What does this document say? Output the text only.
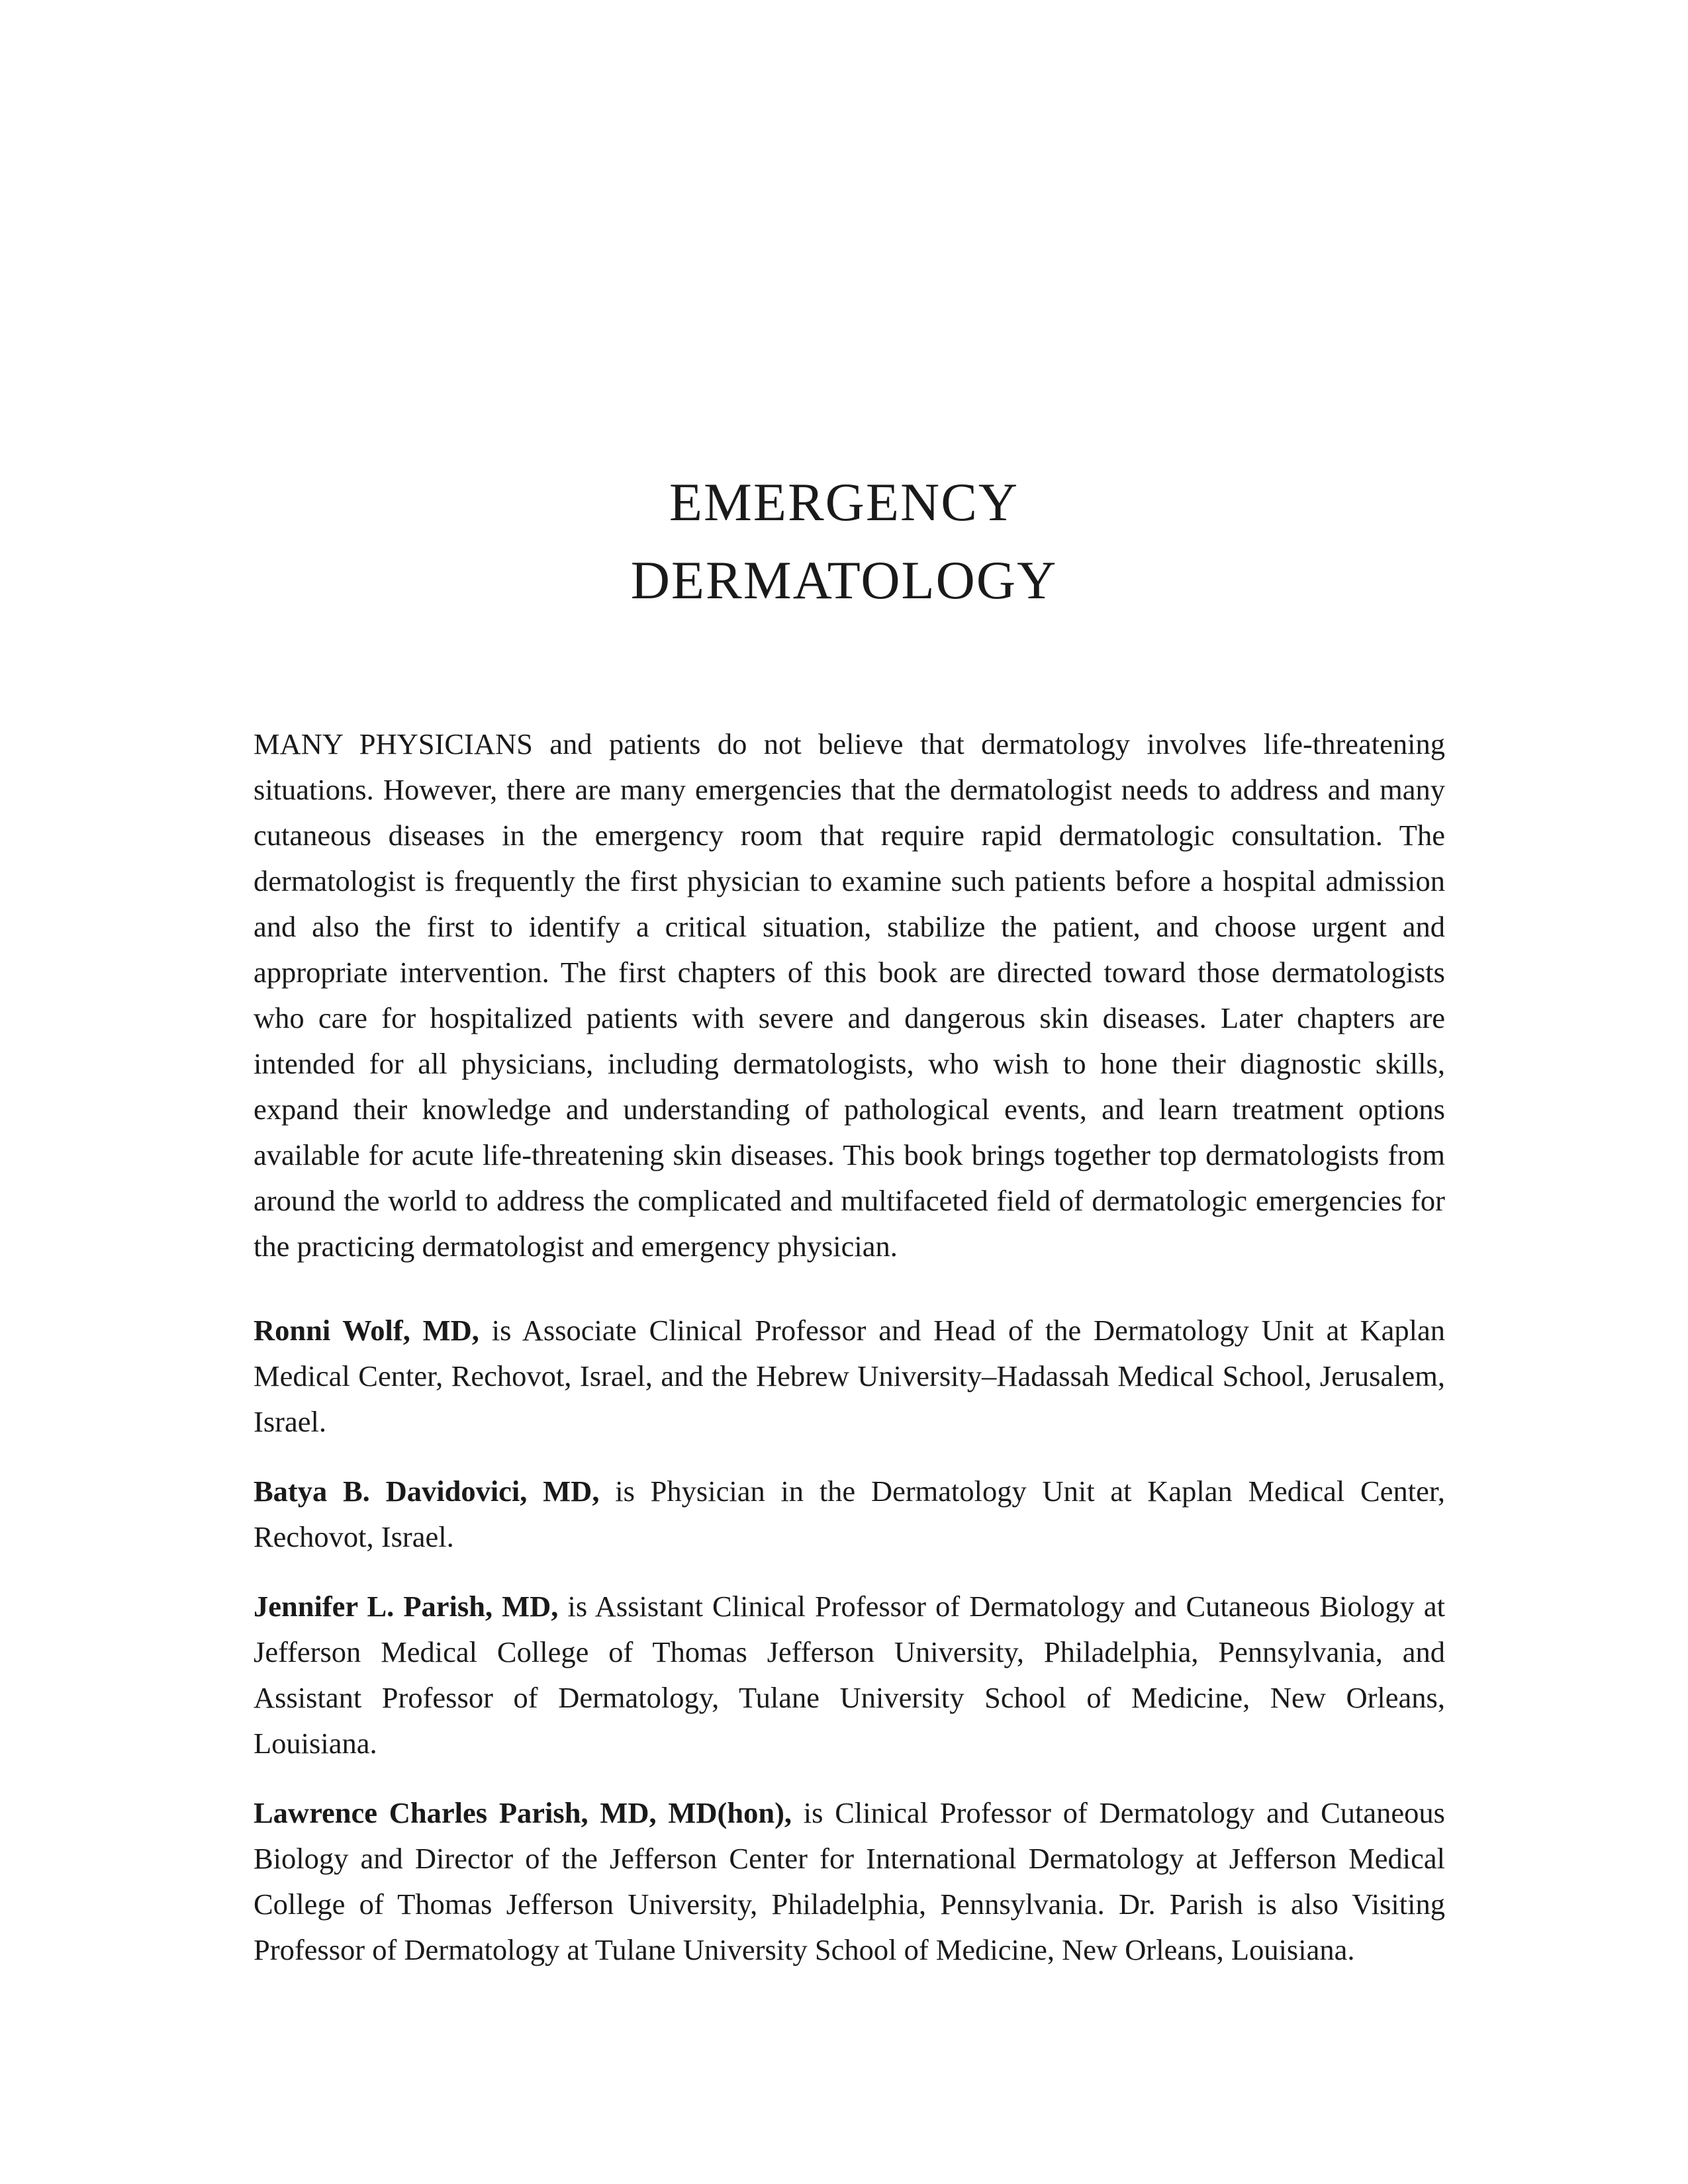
EMERGENCY
DERMATOLOGY

MANY PHYSICIANS and patients do not believe that dermatology involves life-threatening situations. However, there are many emergencies that the dermatologist needs to address and many cutaneous diseases in the emergency room that require rapid dermatologic consultation. The dermatologist is frequently the first physician to examine such patients before a hospital admission and also the first to identify a critical situation, stabilize the patient, and choose urgent and appropriate intervention. The first chapters of this book are directed toward those dermatologists who care for hospitalized patients with severe and dangerous skin diseases. Later chapters are intended for all physicians, including dermatologists, who wish to hone their diagnostic skills, expand their knowledge and understanding of pathological events, and learn treatment options available for acute life-threatening skin diseases. This book brings together top dermatologists from around the world to address the complicated and multifaceted field of dermatologic emergencies for the practicing dermatologist and emergency physician.

Ronni Wolf, MD, is Associate Clinical Professor and Head of the Dermatology Unit at Kaplan Medical Center, Rechovot, Israel, and the Hebrew University–Hadassah Medical School, Jerusalem, Israel.

Batya B. Davidovici, MD, is Physician in the Dermatology Unit at Kaplan Medical Center, Rechovot, Israel.

Jennifer L. Parish, MD, is Assistant Clinical Professor of Dermatology and Cutaneous Biology at Jefferson Medical College of Thomas Jefferson University, Philadelphia, Pennsylvania, and Assistant Professor of Dermatology, Tulane University School of Medicine, New Orleans, Louisiana.

Lawrence Charles Parish, MD, MD(hon), is Clinical Professor of Dermatology and Cutaneous Biology and Director of the Jefferson Center for International Dermatology at Jefferson Medical College of Thomas Jefferson University, Philadelphia, Pennsylvania. Dr. Parish is also Visiting Professor of Dermatology at Tulane University School of Medicine, New Orleans, Louisiana.
